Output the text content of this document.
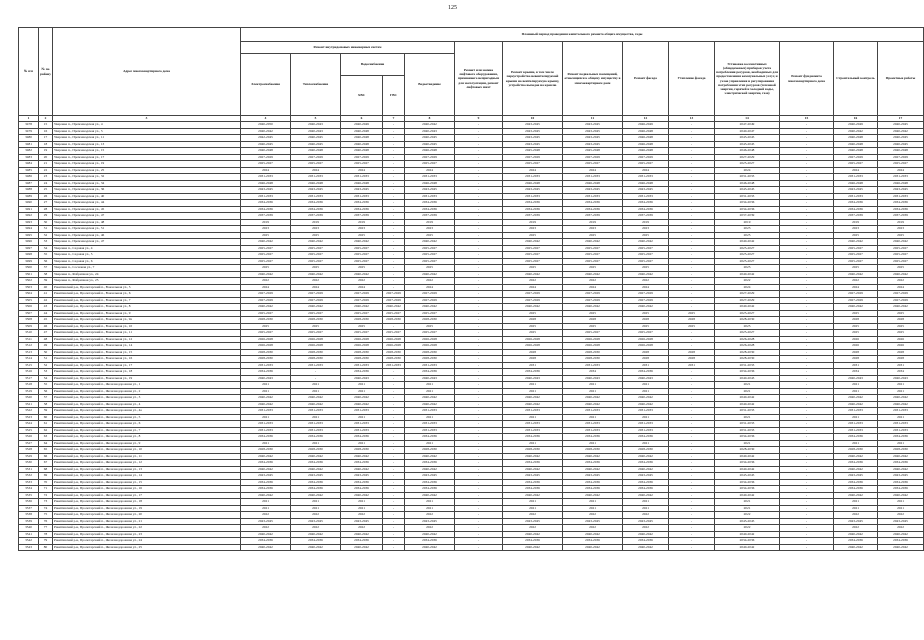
125
№ п/п	№ по району	Адрес многоквартирного дома	Плановый период проведения капитального ремонта общего имущества, годы													
			Ремонт внутридомовых инженерных систем					Ремонт или замена лифтового оборудования, признанного непригодным для эксплуатации, ремонт лифтовых шахт	Ремонт крыши, в том числе переустройство невентилируемой крыши на вентилируемую крышу, устройство выходов на кровлю	Ремонт подвальных помещений, относящихся к общему имуществу в многоквартирном доме	Ремонт фасада	Утепление фасада	Установка коллективных (общедомовых) приборов учета потребления ресурсов, необходимых для предоставления коммунальных услуг, и узлов управления и регулирования потребления этих ресурсов (тепловой энергии, горячей и холодной воды, электрической энергии, газа)	Ремонт фундамента многоквартирного дома	Строительный контроль	Проектные работы
			Электроснабжение	Теплоснабжение	Водоснабжение		Водоотведение									
					ХВС	ГВС										
1	2	3	4	5	6	7	8	9	10	11	12	13	14	15	16	17
3478	15	Уваровка п., Промзаводская ул., 4	2040-2050	2040-2043	2040-2049	-	2040-2042	-	2043-2045	2043-2045	2046-2049	-	2047-2049	-	2040-2049	2040-2045
3479	16	Уваровка п., Промзаводская ул., 5	2040-2042	2040-2043	2040-2048	-	2040-2043	-	2043-2045	2043-2045	2046-2048	-	2040-2047	-	2040-2042	2040-2042
3480	17	Уваровка п., Промзаводская ул., 11	2042-2045	2040-2045	2040-2048	-	2040-2045	-	2043-2045	2043-2045	2046-2048	-	2043-2045	-	2040-2048	2040-2045
3481	18	Уваровка п., Промзаводская ул., 13	2040-2045	2040-2045	2040-2048	-	2040-2045	-	2043-2045	2043-2045	2046-2048	-	2043-2045	-	2040-2048	2040-2045
3482	19	Уваровка п., Промзаводская ул., 15	2040-2048	2040-2048	2040-2048	-	2046-2048	-	2045-2048	2045-2048	2046-2048	-	2046-2048	-	2040-2048	2040-2048
3483	20	Уваровка п., Промзаводская ул., 17	2027-2029	2027-2029	2027-2029	-	2027-2029	-	2027-2029	2027-2029	2027-2029	-	2027-2029	-	2027-2029	2027-2029
3484	21	Уваровка п., Промзаводская ул., 19	2025-2027	2025-2027	2025-2027	-	2025-2027	-	2025-2027	2025-2027	2025-2027	-	2025-2027	-	2025-2027	2025-2027
3485	22	Уваровка п., Промзаводская ул., 25	2024	2024	2024	-	2024	-	2024	2024	2024	-	2024	-	2024	2024
3486	23	Уваровка п., Промзаводская ул., 32	2031-2033	2031-2033	2031-2033	-	2031-2033	-	2031-2033	2031-2033	2031-2033	-	2031-2033	-	2031-2033	2031-2033
3487	24	Уваровка п., Промзаводская ул., 34	2046-2048	2046-2048	2046-2048	-	2046-2048	-	2046-2048	2046-2048	2046-2048	-	2046-2048	-	2046-2048	2046-2048
3488	25	Уваровка п., Промзаводская ул., 36	2043-2045	2043-2045	2043-2045	-	2043-2045	-	2043-2045	2043-2045	2043-2045	-	2043-2045	-	2043-2045	2043-2045
3489	26	Уваровка п., Промзаводская ул., 40	2031-2033	2031-2033	2031-2033	-	2031-2033	-	2031-2033	2031-2033	2031-2033	-	2031-2033	-	2031-2033	2031-2033
3490	27	Уваровка п., Промзаводская ул., 44	2034-2036	2034-2036	2034-2036	-	2034-2036	-	2034-2036	2034-2036	2034-2036	-	2034-2036	-	2034-2036	2034-2036
3491	28	Уваровка п., Промзаводская ул., 45	2034-2036	2034-2036	2034-2036	-	2034-2036	-	2034-2036	2034-2036	2034-2036	-	2034-2036	-	2034-2036	2034-2036
3492	29	Уваровка п., Промзаводская ул., 47	2037-2039	2037-2039	2037-2039	-	2037-2039	-	2037-2039	2037-2039	2037-2039	-	2037-2039	-	2037-2039	2037-2039
3493	30	Уваровка п., Промзаводская ул., 48	2019	2019	2019	-	2019	-	2019	2019	2019	-	2019	-	2019	2019
3494	31	Уваровка п., Промзаводская ул., 51	2023	2023	2023	-	2023	-	2023	2023	2023	-	2023	-	2023	2023
3495	32	Уваровка п., Промзаводская ул., 46	2025	2025	2025	-	2025	-	2025	2025	2025	-	2025	-	2025	2025
3496	33	Уваровка п., Промзаводская ул., 47	2040-2042	2040-2042	2040-2042	-	2040-2042	-	2040-2042	2040-2042	2040-2042	-	2040-2042	-	2040-2042	2040-2042
3497	34	Уваровка п., Садовая ул., 4	2025-2027	2025-2027	2025-2027	-	2025-2027	-	2025-2027	2025-2027	2025-2027	-	2025-2027	-	2025-2027	2025-2027
3498	35	Уваровка п., Садовая ул., 5	2025-2027	2025-2027	2025-2027	-	2025-2027	-	2025-2027	2025-2027	2025-2027	-	2025-2027	-	2025-2027	2025-2027
3499	36	Уваровка п., Садовая ул., 6	2025-2027	2025-2027	2025-2027	-	2025-2027	-	2025-2027	2025-2027	2025-2027	-	2025-2027	-	2025-2027	2025-2027
3500	37	Уваровка п., Сосновая ул., 7	2025	2025	2025	-	2025	-	2025	2025	2025	-	2025	-	2025	2025
3501	38	Уваровка п., Фабричная ул., 24	2040-2042	2040-2042	2040-2042	-	2040-2042	-	2040-2042	2040-2042	2040-2042	-	2040-2042	-	2040-2042	2040-2042
3502	39	Уваровка п., Фабричная ул., 25	2022	2022	2022	-	2022	-	2022	2022	2022	-	2022	-	2022	2022
3503	40	Ракитинский р-н, Пролетарский п., Вокзальная ул., 5	2024	2024	2024	-	2024	-	2024	2024	2024	-	2024	-	2024	2024
3504	41	Ракитинский р-н, Пролетарский п., Вокзальная ул., 6	2027-2029	2027-2029	2027-2029	2027-2029	2027-2029	-	2027-2029	2027-2029	2027-2029	-	2027-2029	-	2027-2029	2027-2029
3505	42	Ракитинский р-н, Пролетарский п., Вокзальная ул., 7	2027-2029	2027-2029	2027-2029	2027-2029	2027-2029	-	2027-2029	2027-2029	2027-2029	-	2027-2029	-	2027-2029	2027-2029
3506	43	Ракитинский р-н, Пролетарский п., Вокзальная ул., 8	2040-2042	2040-2042	2040-2042	2040-2042	2040-2042	-	2040-2042	2040-2042	2040-2042	-	2040-2042	-	2040-2042	2040-2042
3507	44	Ракитинский р-н, Пролетарский п., Вокзальная ул., 9	2025-2027	2025-2027	2025-2027	2025-2027	2025-2027	-	2025	2025	2025	2025	2025-2027	-	2025	2025
3508	45	Ракитинский р-н, Пролетарский п., Вокзальная ул., 9а	2028-2030	2028-2030	2028-2030	2028-2030	2028-2030	-	2028	2028	2028	2028	2028-2030	-	2028	2028
3509	46	Ракитинский р-н, Пролетарский п., Вокзальная ул., 10	2025	2025	2025	-	2025	-	2025	2025	2025	2025	2025	-	2025	2025
3510	47	Ракитинский р-н, Пролетарский п., Вокзальная ул., 11	2025-2027	2025-2027	2025-2027	2025-2027	2025-2027	-	2025	2025-2027	2025-2027	-	2025-2027	-	2025	2025
3511	48	Ракитинский р-н, Пролетарский п., Вокзальная ул., 12	2026-2028	2026-2028	2026-2028	2026-2028	2026-2028	-	2026-2028	2026-2028	2026-2028	-	2026-2028	-	2026	2026
3512	49	Ракитинский р-н, Пролетарский п., Вокзальная ул., 14	2026-2028	2026-2028	2026-2028	2026-2028	2026-2028	-	2026-2028	2026-2028	2026-2028	-	2026-2028	-	2026	2026
3513	50	Ракитинский р-н, Пролетарский п., Вокзальная ул., 15	2028-2030	2028-2030	2028-2030	2028-2030	2028-2030	-	2028	2028-2030	2028	2028	2028-2030	-	2028	2028
3514	51	Ракитинский р-н, Пролетарский п., Вокзальная ул., 16	2028-2030	2028-2030	2028-2030	2028-2030	2028-2030	-	2028	2028-2030	2028	2028	2028-2030	-	2028	2028
3515	52	Ракитинский р-н, Пролетарский п., Вокзальная ул., 17	2031-2033	2031-2033	2031-2033	2031-2033	2031-2033	-	2031	2031-2033	2031	2031	2031-2033	-	2031	2031
3516	53	Ракитинский р-н, Пролетарский п., Вокзальная ул., 18	2034-2036	-	2034-2036	-	2034-2036	-	2034-2036	2034	2034-2036	-	2034-2036	-	2034	2034
3517	54	Ракитинский р-н, Пролетарский п., Вокзальная ул., 19	2040-2043	-	2040-2043	-	2040-2043	-	2040-2043	2040-2043	2040-2043	-	2040-2043	-	2040-2043	2040-2043
3518	55	Ракитинский р-н, Пролетарский п., Железнодорожная ул., 1	2021	2021	2021	-	2021	-	2021	2021	2021	-	2021	-	2021	2021
3519	56	Ракитинский р-н, Пролетарский п., Железнодорожная ул., 2	2021	2021	2021	-	2021	-	2021	2021	2021	-	2021	-	2021	2021
3520	57	Ракитинский р-н, Пролетарский п., Железнодорожная ул., 3	2040-2042	2040-2042	2040-2042	-	2040-2042	-	2040-2042	2040-2042	2040-2042	-	2040-2042	-	2040-2042	2040-2042
3521	58	Ракитинский р-н, Пролетарский п., Железнодорожная ул., 4	2040-2042	2040-2042	2040-2042	-	2040-2042	-	2040-2042	2040-2042	2040-2042	-	2040-2042	-	2040-2042	2040-2042
3522	59	Ракитинский р-н, Пролетарский п., Железнодорожная ул., 4а	2031-2033	2031-2033	2031-2033	-	2031-2033	-	2031-2033	2031-2033	2031-2033	-	2031-2033	-	2031-2033	2031-2033
3523	60	Ракитинский р-н, Пролетарский п., Железнодорожная ул., 5	2021	2021	2021	-	2021	-	2021	2021	2021	-	2021	-	2021	2021
3524	61	Ракитинский р-н, Пролетарский п., Железнодорожная ул., 6	2031-2033	2031-2033	2031-2033	-	2031-2033	-	2031-2033	2031-2033	2031-2033	-	2031-2033	-	2031-2033	2031-2033
3525	62	Ракитинский р-н, Пролетарский п., Железнодорожная ул., 7	2031-2033	2031-2033	2031-2033	-	2031-2033	-	2031-2033	2031-2033	2031-2033	-	2031-2033	-	2031-2033	2031-2033
3526	63	Ракитинский р-н, Пролетарский п., Железнодорожная ул., 8	2034-2036	2034-2036	2034-2036	-	2034-2036	-	2034-2036	2034-2036	2034-2036	-	2034-2036	-	2034-2036	2034-2036
3527	64	Ракитинский р-н, Пролетарский п., Железнодорожная ул., 9	2021	2021	2021	-	2021	-	2021	2021	2021	-	2021	-	2021	2021
3528	65	Ракитинский р-н, Пролетарский п., Железнодорожная ул., 10	2028-2030	2028-2030	2028-2030	-	2028-2030	-	2028-2030	2028-2030	2028-2030	-	2028-2030	-	2028-2030	2028-2030
3529	66	Ракитинский р-н, Пролетарский п., Железнодорожная ул., 11	2040-2042	2040-2042	2040-2042	-	2040-2042	-	2040-2042	2040-2042	2040-2042	-	2040-2042	-	2040-2042	2040-2042
3530	67	Ракитинский р-н, Пролетарский п., Железнодорожная ул., 12	2034-2036	2034-2036	2034-2036	-	2034-2036	-	2034-2036	2034-2036	2034-2036	-	2034-2036	-	2034-2036	2034-2036
3531	68	Ракитинский р-н, Пролетарский п., Железнодорожная ул., 13	2040-2042	2040-2042	2040-2042	-	2040-2042	-	2040-2042	2040-2042	2040-2042	-	2040-2042	-	2040-2042	2040-2042
3532	69	Ракитинский р-н, Пролетарский п., Железнодорожная ул., 14	2043-2045	2043-2045	2043-2045	-	2043-2045	-	2043-2045	2043-2045	2043-2045	-	2043-2045	-	2043-2045	2043-2045
3533	70	Ракитинский р-н, Пролетарский п., Железнодорожная ул., 15	2034-2036	2034-2036	2034-2036	-	2034-2036	-	2034-2036	2034-2036	2034-2036	-	2034-2036	-	2034-2036	2034-2036
3534	71	Ракитинский р-н, Пролетарский п., Железнодорожная ул., 16	2034-2036	2034-2036	2034-2036	-	2034-2036	-	2034-2036	2034-2036	2034-2036	-	2034-2036	-	2034-2036	2034-2036
3535	72	Ракитинский р-н, Пролетарский п., Железнодорожная ул., 17	2040-2042	2040-2042	2040-2042	-	2040-2042	-	2040-2042	2040-2042	2040-2042	-	2040-2042	-	2040-2042	2040-2042
3536	73	Ракитинский р-н, Пролетарский п., Железнодорожная ул., 18	2021	2021	2021	-	2021	-	2021	2021	2021	-	2021	-	2021	2021
3537	74	Ракитинский р-н, Пролетарский п., Железнодорожная ул., 19	2021	2021	2021	-	2021	-	2021	2021	2021	-	2021	-	2021	2021
3538	75	Ракитинский р-н, Пролетарский п., Железнодорожная ул., 20	2022	2022	2022	-	2022	-	2022	2022	2022	-	2022	-	2022	2022
3539	76	Ракитинский р-н, Пролетарский п., Железнодорожная ул., 21	2043-2045	2043-2045	2043-2045	-	2043-2045	-	2043-2045	2043-2045	2043-2045	-	2043-2045	-	2043-2045	2043-2045
3540	77	Ракитинский р-н, Пролетарский п., Железнодорожная ул., 22	2022	2022	2022	-	2022	-	2022	2022	2022	-	2022	-	2022	2022
3541	78	Ракитинский р-н, Пролетарский п., Железнодорожная ул., 23	2040-2042	2040-2042	2040-2042	-	2040-2042	-	2040-2042	2040-2042	2040-2042	-	2040-2042	-	2040-2042	2040-2042
3542	79	Ракитинский р-н, Пролетарский п., Железнодорожная ул., 24	2034-2036	2034-2036	2034-2036	-	2034-2036	-	2034-2036	2034-2036	2034-2036	-	2034-2036	-	2034-2036	2034-2036
3543	80	Ракитинский р-н, Пролетарский п., Железнодорожная ул., 25	2040-2042	2040-2042	2040-2042	-	2040-2042	-	2040-2042	2040-2042	2040-2042	-	2040-2042	-	2040-2042	2040-2042
